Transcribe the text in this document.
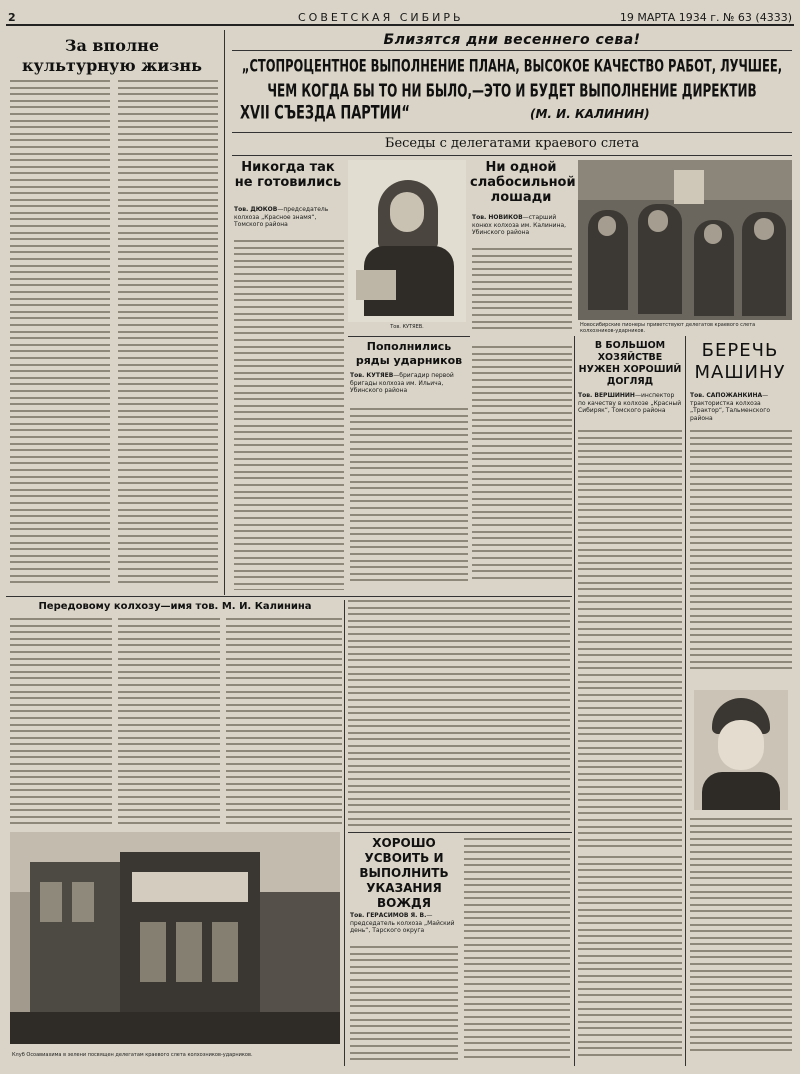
2	СОВЕТСКАЯ СИБИРЬ	19 МАРТА 1934 г. № 63 (4333)
За вполне культурную жизнь
Близятся дни весеннего сева!
„СТОПРОЦЕНТНОЕ ВЫПОЛНЕНИЕ ПЛАНА, ВЫСОКОЕ КАЧЕСТВО РАБОТ, ЛУЧШЕЕ,
ЧЕМ КОГДА БЫ ТО НИ БЫЛО,—ЭТО И БУДЕТ ВЫПОЛНЕНИЕ ДИРЕКТИВ
XVII СЪЕЗДА ПАРТИИ“	(М. И. КАЛИНИН)
Беседы с делегатами краевого слета
Никогда так не готовились
Тов. ДЮКОВ—председатель колхоза „Красное знамя“, Томского района
Тов. КУТЯЕВ.
Ни одной слабосильной лошади
Тов. НОВИКОВ—старший конюх колхоза им. Калинина, Убинского района
Новосибирские пионеры приветствуют делегатов краевого слета колхозников-ударников.
Пополнились ряды ударников
Тов. КУТЯЕВ—бригадир первой бригады колхоза им. Ильича, Убинского района
В БОЛЬШОМ ХОЗЯЙСТВЕ НУЖЕН ХОРОШИЙ ДОГЛЯД
Тов. ВЕРШИНИН—инспектор по качеству в колхозе „Красный Сибиряк“, Томского района
БЕРЕЧЬ МАШИНУ
Тов. САПОЖАНКИНА—трактористка колхоза „Трактор“, Тальменского района
Передовому колхозу—имя тов. М. И. Калинина
Клуб Осоавиахима в зелени посвящен делегатам краевого слета колхозников-ударников.
ХОРОШО УСВОИТЬ И ВЫПОЛНИТЬ УКАЗАНИЯ ВОЖДЯ
Тов. ГЕРАСИМОВ Я. В.—председатель колхоза „Майский день“, Тарского округа
